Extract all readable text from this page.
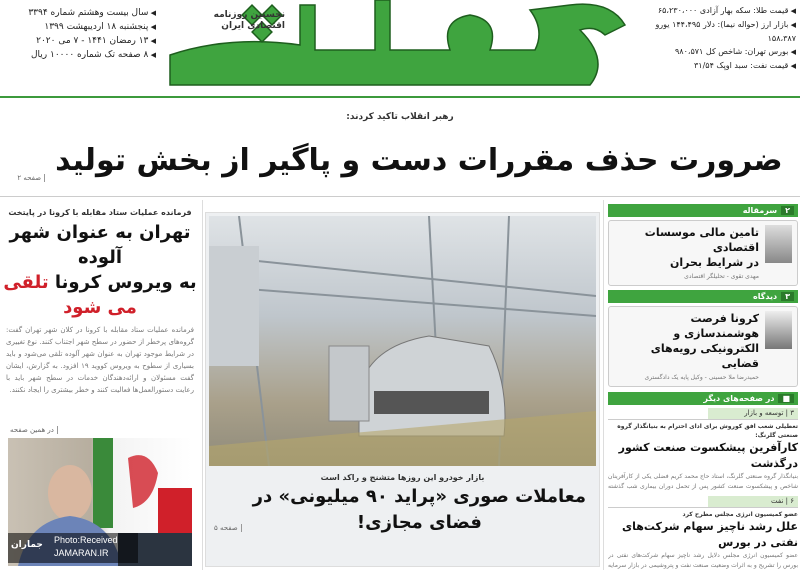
◀ سال بیست وهشتم شماره ۳۳۹۴
◀ پنجشنبه ۱۸ اردیبهشت ۱۳۹۹
◀ ۱۳ رمضان ۱۴۴۱ - ۷ می ۲۰۲۰
◀ ۸ صفحه تک شماره ۱۰۰۰۰ ریال
نخستین روزنامه
اقتصادی ایران
◀ قیمت طلا: سکه بهار آزادی ۶۵،۲۳۰،۰۰۰
◀ بازار ارز (حواله نیما): دلار ۱۴۴،۴۹۵ یورو ۱۵۸،۳۸۷
◀ بورس تهران: شاخص کل ۹۸۰،۵۷۱
◀ قیمت نفت: سبد اوپک ۳۱/۵۴
رهبر انقلاب تاکید کردند:
ضرورت حذف مقررات دست و پاگیر از بخش تولید
صفحه ۲
فرمانده عملیات ستاد مقابله با کرونا در پایتخت
تهران به عنوان شهر آلوده
به ویروس کرونا تلقی می شود
فرمانده عملیات ستاد مقابله با کرونا در کلان شهر تهران گفت: گروه‌های پرخطر از حضور در سطح شهر اجتناب کنند. نوع تغییری در شرایط موجود تهران به عنوان شهر آلوده تلقی می‌شود و باید بسیاری از سطوح به ویروس کووید ۱۹ افزود. به گزارش، ایشان گفت مسئولان و ارائه‌دهندگان خدمات در سطح شهر باید با رعایت دستورالعمل‌ها فعالیت کنند و خطر بیشتری را ایجاد نکنند.
در همین صفحه
جماران	Photo:Received
JAMARAN.IR
بازار خودرو این روزها متشنج و راکد است
معاملات صوری «پراید ۹۰ میلیونی» در فضای مجازی!
صفحه ۵
۲سرمقاله
تامین مالی موسسات اقتصادی
در شرایط بحران
مهدی تقوی - تحلیلگر اقتصادی
۳دیدگاه
کرونا فرصت هوشمندسازی و
الکترونیکی رویه‌های قضایی
حمیدرضا ملا حسینی - وکیل پایه یک دادگستری
■در صفحه‌های دیگر
۳ | توسعه و بازار
تعطیلی شعب افق کوروش برای ادای احترام به بنیانگذار گروه صنعتی گلرنگ:
کارآفرین پیشکسوت صنعت کشور درگذشت
بنیانگذار گروه صنعتی گلرنگ، استاد حاج محمد کریم فضلی یکی از کارآفرینان شاخص و پیشکسوت صنعت کشور پس از تحمل دوران بیماری شب گذشته
۶ | نفت
عضو کمیسیون انرژی مجلس مطرح کرد
علل رشد ناچیز سهام شرکت‌های نفتی در بورس
عضو کمیسیون انرژی مجلس دلایل رشد ناچیز سهام شرکت‌های نفتی در بورس را تشریح و به اثرات وضعیت صنعت نفت و پتروشیمی در بازار سرمایه
